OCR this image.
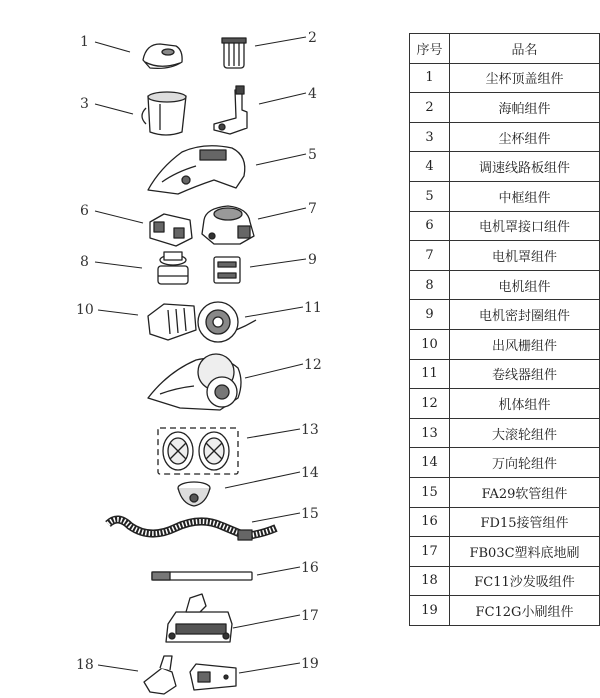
1	2
3
4
5
6	7
8	9
10	11
12
13
14
15
16
17
18	19
序号	品名
1	尘杯顶盖组件
2	海帕组件
3	尘杯组件
4	调速线路板组件
5	中框组件
6	电机罩接口组件
7	电机罩组件
8	电机组件
9	电机密封圈组件
10	出风栅组件
11	卷线器组件
12	机体组件
13	大滚轮组件
14	万向轮组件
15	FA29软管组件
16	FD15接管组件
17	FB03C塑料底地刷
18	FC11沙发吸组件
19	FC12G小刷组件
